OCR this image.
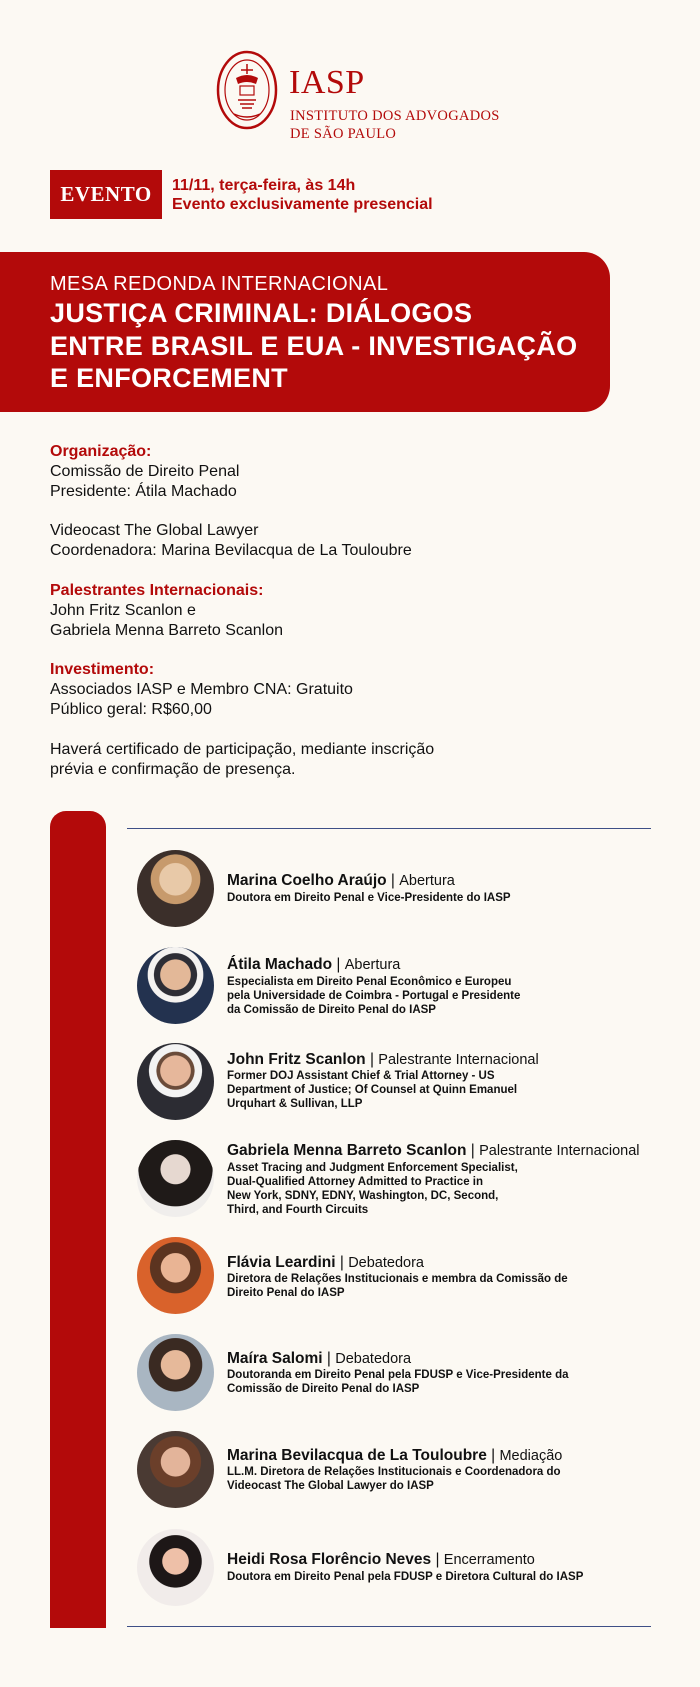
IASP
INSTITUTO DOS ADVOGADOS
DE SÃO PAULO
EVENTO	11/11, terça-feira, às 14h
Evento exclusivamente presencial
MESA REDONDA INTERNACIONAL
JUSTIÇA CRIMINAL: DIÁLOGOS
ENTRE BRASIL E EUA - INVESTIGAÇÃO
E ENFORCEMENT
Organização:
Comissão de Direito Penal
Presidente: Átila Machado
Videocast The Global Lawyer
Coordenadora: Marina Bevilacqua de La Touloubre
Palestrantes Internacionais:
John Fritz Scanlon e
Gabriela Menna Barreto Scanlon
Investimento:
Associados IASP e Membro CNA: Gratuito
Público geral: R$60,00
Haverá certificado de participação, mediante inscrição
prévia e confirmação de presença.
Marina Coelho Araújo | Abertura
Doutora em Direito Penal e Vice-Presidente do IASP
Átila Machado | Abertura
Especialista em Direito Penal Econômico e Europeu
pela Universidade de Coimbra - Portugal e Presidente
da Comissão de Direito Penal do IASP
John Fritz Scanlon | Palestrante Internacional
Former DOJ Assistant Chief & Trial Attorney - US
Department of Justice; Of Counsel at Quinn Emanuel
Urquhart & Sullivan, LLP
Gabriela Menna Barreto Scanlon | Palestrante Internacional
Asset Tracing and Judgment Enforcement Specialist,
Dual-Qualified Attorney Admitted to Practice in
New York, SDNY, EDNY, Washington, DC, Second,
Third, and Fourth Circuits
Flávia Leardini | Debatedora
Diretora de Relações Institucionais e membra da Comissão de
Direito Penal do IASP
Maíra Salomi | Debatedora
Doutoranda em Direito Penal pela FDUSP e Vice-Presidente da
Comissão de Direito Penal do IASP
Marina Bevilacqua de La Touloubre | Mediação
LL.M. Diretora de Relações Institucionais e Coordenadora do
Videocast The Global Lawyer do IASP
Heidi Rosa Florêncio Neves | Encerramento
Doutora em Direito Penal pela FDUSP e Diretora Cultural do IASP
